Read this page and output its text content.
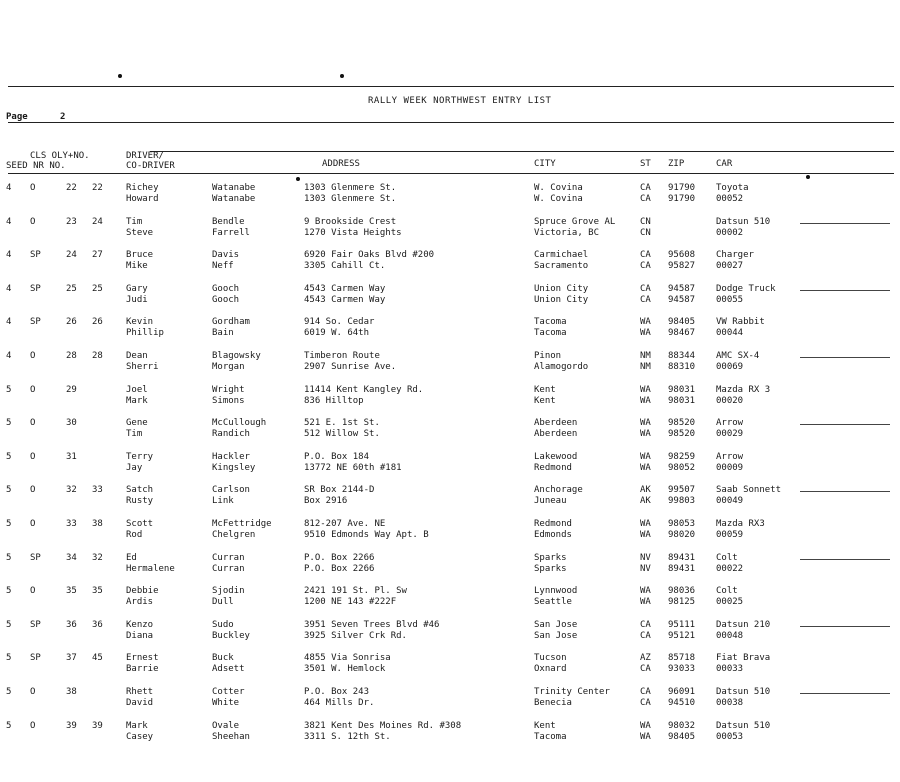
RALLY WEEK NORTHWEST ENTRY LIST
Page	2
CLS OLY+NO.
SEED NR NO.
DRIVER/
CO-DRIVER	ADDRESS	CITY	ST ZIP	CAR
4 O	22 22	Richey	Watanabe	1303 Glenmere St.	W. Covina	CA 91790 Toyota
Howard	Watanabe	1303 Glenmere St.	W. Covina	CA 91790 00052
4 O	23 24	Tim	Bendle	9 Brookside Crest	Spruce Grove AL	CN	Datsun 510
Steve	Farrell	1270 Vista Heights	Victoria, BC	CN	00002
4 SP	24 27	Bruce	Davis	6920 Fair Oaks Blvd #200	Carmichael	CA 95608 Charger
Mike	Neff	3305 Cahill Ct.	Sacramento	CA 95827 00027
4 SP	25 25	Gary	Gooch	4543 Carmen Way	Union City	CA 94587 Dodge Truck
Judi	Gooch	4543 Carmen Way	Union City	CA 94587 00055
4 SP	26 26	Kevin	Gordham	914 So. Cedar	Tacoma	WA 98405 VW Rabbit
Phillip	Bain	6019 W. 64th	Tacoma	WA 98467 00044
4 O	28 28	Dean	Blagowsky	Timberon Route	Pinon	NM 88344 AMC SX-4
Sherri	Morgan	2907 Sunrise Ave.	Alamogordo	NM 88310 00069
5 O	29	Joel	Wright	11414 Kent Kangley Rd.	Kent	WA 98031 Mazda RX 3
Mark	Simons	836 Hilltop	Kent	WA 98031 00020
5 O	30	Gene	McCullough	521 E. 1st St.	Aberdeen	WA 98520 Arrow
Tim	Randich	512 Willow St.	Aberdeen	WA 98520 00029
5 O	31	Terry	Hackler	P.O. Box 184	Lakewood	WA 98259 Arrow
Jay	Kingsley	13772 NE 60th #181	Redmond	WA 98052 00009
5 O	32 33	Satch	Carlson	SR Box 2144-D	Anchorage	AK 99507 Saab Sonnett
Rusty	Link	Box 2916	Juneau	AK 99803 00049
5 O	33 38	Scott	McFettridge	812-207 Ave. NE	Redmond	WA 98053 Mazda RX3
Rod	Chelgren	9510 Edmonds Way Apt. B	Edmonds	WA 98020 00059
5 SP	34 32	Ed	Curran	P.O. Box 2266	Sparks	NV 89431 Colt
Hermalene	Curran	P.O. Box 2266	Sparks	NV 89431 00022
5 O	35 35	Debbie	Sjodin	2421 191 St. Pl. Sw	Lynnwood	WA 98036 Colt
Ardis	Dull	1200 NE 143 #222F	Seattle	WA 98125 00025
5 SP	36 36	Kenzo	Sudo	3951 Seven Trees Blvd #46	San Jose	CA 95111 Datsun 210
Diana	Buckley	3925 Silver Crk Rd.	San Jose	CA 95121 00048
5 SP	37 45	Ernest	Buck	4855 Via Sonrisa	Tucson	AZ 85718 Fiat Brava
Barrie	Adsett	3501 W. Hemlock	Oxnard	CA 93033 00033
5 O	38	Rhett	Cotter	P.O. Box 243	Trinity Center	CA 96091 Datsun 510
David	White	464 Mills Dr.	Benecia	CA 94510 00038
5 O	39 39	Mark	Ovale	3821 Kent Des Moines Rd. #308	Kent	WA 98032 Datsun 510
Casey	Sheehan	3311 S. 12th St.	Tacoma	WA 98405 00053
